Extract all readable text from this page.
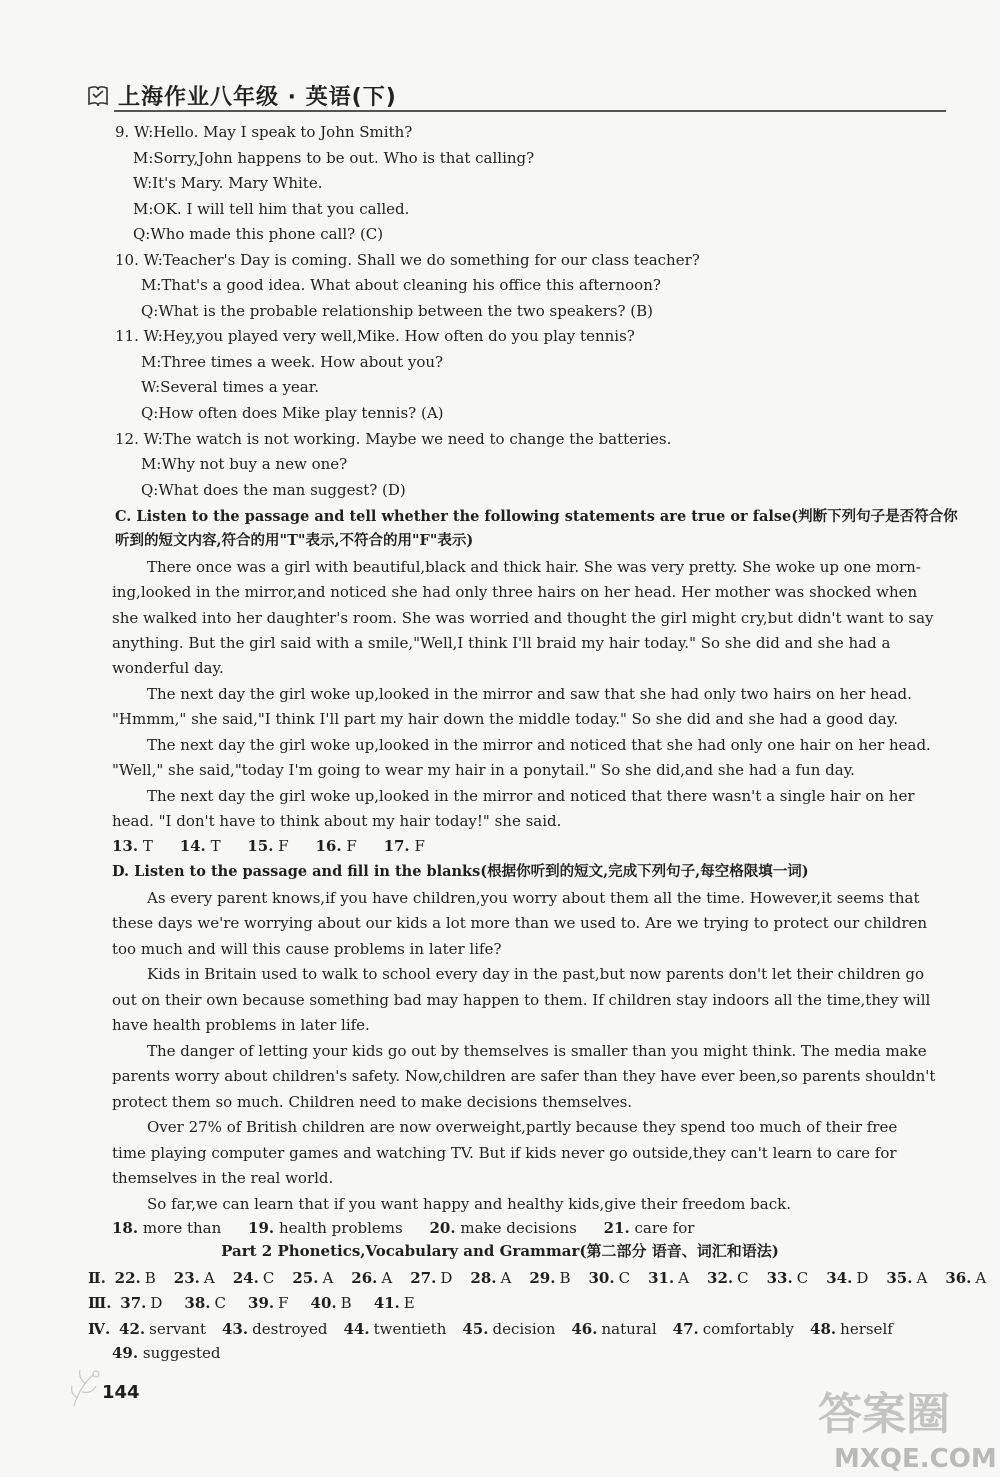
上海作业八年级 · 英语(下)
9. W:Hello. May I speak to John Smith?
M:Sorry,John happens to be out. Who is that calling?
W:It's Mary. Mary White.
M:OK. I will tell him that you called.
Q:Who made this phone call? (C)
10. W:Teacher's Day is coming. Shall we do something for our class teacher?
M:That's a good idea. What about cleaning his office this afternoon?
Q:What is the probable relationship between the two speakers? (B)
11. W:Hey,you played very well,Mike. How often do you play tennis?
M:Three times a week. How about you?
W:Several times a year.
Q:How often does Mike play tennis? (A)
12. W:The watch is not working. Maybe we need to change the batteries.
M:Why not buy a new one?
Q:What does the man suggest? (D)
C. Listen to the passage and tell whether the following statements are true or false(判断下列句子是否符合你
听到的短文内容,符合的用"T"表示,不符合的用"F"表示)
There once was a girl with beautiful,black and thick hair. She was very pretty. She woke up one morn-
ing,looked in the mirror,and noticed she had only three hairs on her head. Her mother was shocked when
she walked into her daughter's room. She was worried and thought the girl might cry,but didn't want to say
anything. But the girl said with a smile,"Well,I think I'll braid my hair today." So she did and she had a
wonderful day.
The next day the girl woke up,looked in the mirror and saw that she had only two hairs on her head.
"Hmmm," she said,"I think I'll part my hair down the middle today." So she did and she had a good day.
The next day the girl woke up,looked in the mirror and noticed that she had only one hair on her head.
"Well," she said,"today I'm going to wear my hair in a ponytail." So she did,and she had a fun day.
The next day the girl woke up,looked in the mirror and noticed that there wasn't a single hair on her
head. "I don't have to think about my hair today!" she said.
13. T 14. T 15. F 16. F 17. F
D. Listen to the passage and fill in the blanks(根据你听到的短文,完成下列句子,每空格限填一词)
As every parent knows,if you have children,you worry about them all the time. However,it seems that
these days we're worrying about our kids a lot more than we used to. Are we trying to protect our children
too much and will this cause problems in later life?
Kids in Britain used to walk to school every day in the past,but now parents don't let their children go
out on their own because something bad may happen to them. If children stay indoors all the time,they will
have health problems in later life.
The danger of letting your kids go out by themselves is smaller than you might think. The media make
parents worry about children's safety. Now,children are safer than they have ever been,so parents shouldn't
protect them so much. Children need to make decisions themselves.
Over 27% of British children are now overweight,partly because they spend too much of their free
time playing computer games and watching TV. But if kids never go outside,they can't learn to care for
themselves in the real world.
So far,we can learn that if you want happy and healthy kids,give their freedom back.
18. more than 19. health problems 20. make decisions 21. care for
Part 2 Phonetics,Vocabulary and Grammar(第二部分 语音、词汇和语法)
Ⅱ. 22. B 23. A 24. C 25. A 26. A 27. D 28. A 29. B 30. C 31. A 32. C 33. C 34. D 35. A 36. A
Ⅲ. 37. D 38. C 39. F 40. B 41. E
Ⅳ. 42. servant 43. destroyed 44. twentieth 45. decision 46. natural 47. comfortably 48. herself
49. suggested
144	答案圈
MXQE.COM
